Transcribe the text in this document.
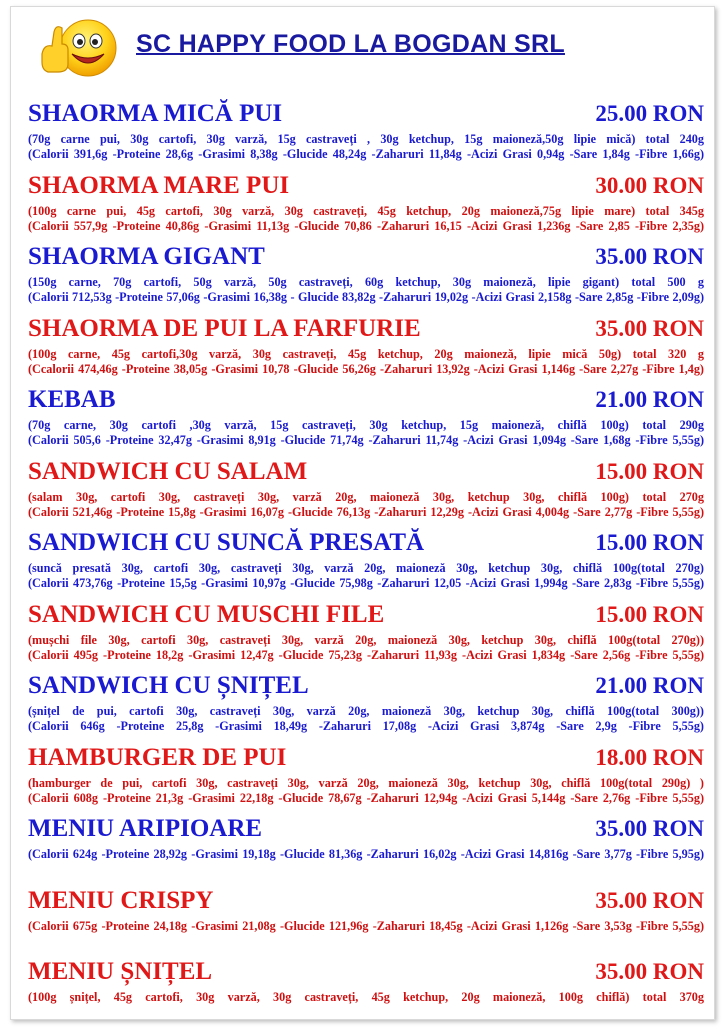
SC HAPPY FOOD LA BOGDAN SRL
SHAORMA MICĂ PUI	25.00 RON
(70g carne pui, 30g cartofi, 30g varză, 15g castraveți , 30g ketchup, 15g maioneză,50g lipie mică) total 240g
(Calorii 391,6g -Proteine 28,6g -Grasimi 8,38g -Glucide 48,24g -Zaharuri 11,84g -Acizi Grasi 0,94g -Sare 1,84g -Fibre 1,66g)
SHAORMA MARE PUI	30.00 RON
(100g carne pui, 45g cartofi, 30g varză, 30g castraveți, 45g ketchup, 20g maioneză,75g lipie mare) total 345g
(Calorii 557,9g -Proteine 40,86g -Grasimi 11,13g -Glucide 70,86 -Zaharuri 16,15 -Acizi Grasi 1,236g -Sare 2,85 -Fibre 2,35g)
SHAORMA GIGANT	35.00 RON
(150g carne, 70g cartofi, 50g varză, 50g castraveți, 60g ketchup, 30g maioneză, lipie gigant) total 500 g
(Calorii 712,53g -Proteine 57,06g -Grasimi 16,38g - Glucide 83,82g -Zaharuri 19,02g -Acizi Grasi 2,158g -Sare 2,85g -Fibre 2,09g)
SHAORMA DE PUI LA FARFURIE	35.00 RON
(100g carne, 45g cartofi,30g varză, 30g castraveți, 45g ketchup, 20g maioneză, lipie mică 50g) total 320 g
(Ccalorii 474,46g -Proteine 38,05g -Grasimi 10,78 -Glucide 56,26g -Zaharuri 13,92g -Acizi Grasi 1,146g -Sare 2,27g -Fibre 1,4g)
KEBAB	21.00 RON
(70g carne, 30g cartofi ,30g varză, 15g castraveți, 30g ketchup, 15g maioneză, chiflă 100g) total 290g
(Calorii 505,6 -Proteine 32,47g -Grasimi 8,91g -Glucide 71,74g -Zaharuri 11,74g -Acizi Grasi 1,094g -Sare 1,68g -Fibre 5,55g)
SANDWICH CU SALAM	15.00 RON
(salam 30g, cartofi 30g, castraveți 30g, varză 20g, maioneză 30g, ketchup 30g, chiflă 100g) total 270g
(Calorii 521,46g -Proteine 15,8g -Grasimi 16,07g -Glucide 76,13g -Zaharuri 12,29g -Acizi Grasi 4,004g -Sare 2,77g -Fibre 5,55g)
SANDWICH CU SUNCĂ PRESATĂ	15.00 RON
(suncă presată 30g, cartofi 30g, castraveți 30g, varză 20g, maioneză 30g, ketchup 30g, chiflă 100g(total 270g)
(Calorii 473,76g -Proteine 15,5g -Grasimi 10,97g -Glucide 75,98g -Zaharuri 12,05 -Acizi Grasi 1,994g -Sare 2,83g -Fibre 5,55g)
SANDWICH CU MUSCHI FILE	15.00 RON
(mușchi file 30g, cartofi 30g, castraveți 30g, varză 20g, maioneză 30g, ketchup 30g, chiflă 100g(total 270g))
(Calorii 495g -Proteine 18,2g -Grasimi 12,47g -Glucide 75,23g -Zaharuri 11,93g -Acizi Grasi 1,834g -Sare 2,56g -Fibre 5,55g)
SANDWICH CU ȘNIȚEL	21.00 RON
(șnițel de pui, cartofi 30g, castraveți 30g, varză 20g, maioneză 30g, ketchup 30g, chiflă 100g(total 300g))
(Calorii 646g -Proteine 25,8g -Grasimi 18,49g -Zaharuri 17,08g -Acizi Grasi 3,874g -Sare 2,9g -Fibre 5,55g)
HAMBURGER DE PUI	18.00 RON
(hamburger de pui, cartofi 30g, castraveți 30g, varză 20g, maioneză 30g, ketchup 30g, chiflă 100g(total 290g) )
(Calorii 608g -Proteine 21,3g -Grasimi 22,18g -Glucide 78,67g -Zaharuri 12,94g -Acizi Grasi 5,144g -Sare 2,76g -Fibre 5,55g)
MENIU ARIPIOARE	35.00 RON
(Calorii 624g -Proteine 28,92g -Grasimi 19,18g -Glucide 81,36g -Zaharuri 16,02g -Acizi Grasi 14,816g -Sare 3,77g -Fibre 5,95g)
MENIU CRISPY	35.00 RON
(Calorii 675g -Proteine 24,18g -Grasimi 21,08g -Glucide 121,96g -Zaharuri 18,45g -Acizi Grasi 1,126g -Sare 3,53g -Fibre 5,55g)
MENIU ȘNIȚEL	35.00 RON
(100g șnițel, 45g cartofi, 30g varză, 30g castraveți, 45g ketchup, 20g maioneză, 100g chiflă) total 370g
